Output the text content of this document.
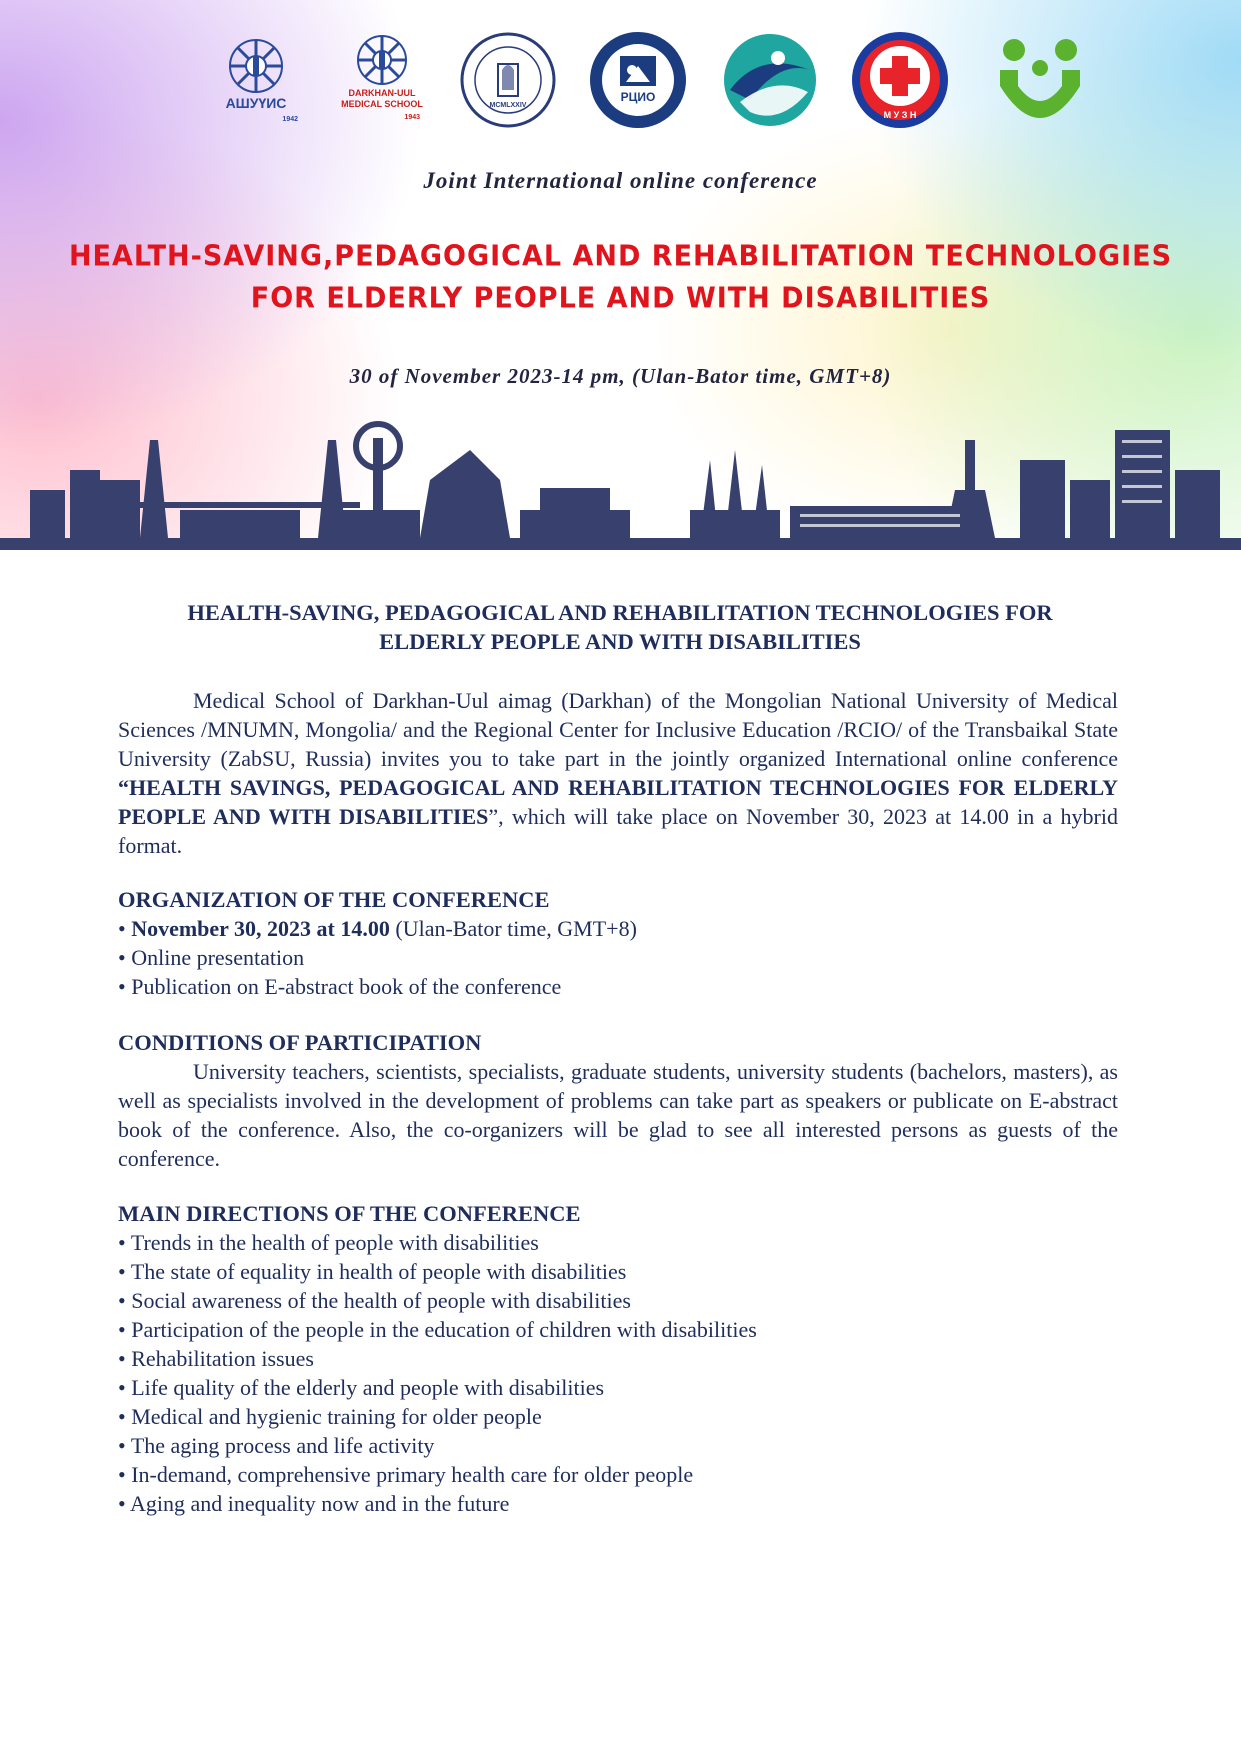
АШУҮИС
1942
DARKHAN-UUL MEDICAL SCHOOL
1943
MCMLXXIV
РЦИО
М У З Н
Joint International online conference
HEALTH-SAVING,PEDAGOGICAL AND REHABILITATION TECHNOLOGIES
FOR ELDERLY PEOPLE AND WITH DISABILITIES
30 of November 2023-14 pm, (Ulan-Bator time, GMT+8)
HEALTH-SAVING, PEDAGOGICAL AND REHABILITATION TECHNOLOGIES FOR
ELDERLY PEOPLE AND WITH DISABILITIES
Medical School of Darkhan-Uul aimag (Darkhan) of the Mongolian National University of Medical Sciences /MNUMN, Mongolia/ and the Regional Center for Inclusive Education /RCIO/ of the Transbaikal State University (ZabSU, Russia) invites you to take part in the jointly organized International online conference “HEALTH SAVINGS, PEDAGOGICAL AND REHABILITATION TECHNOLOGIES FOR ELDERLY PEOPLE AND WITH DISABILITIES”, which will take place on November 30, 2023 at 14.00 in a hybrid format.
ORGANIZATION OF THE CONFERENCE
• November 30, 2023 at 14.00 (Ulan-Bator time, GMT+8)
• Online presentation
• Publication on E-abstract book of the conference
CONDITIONS OF PARTICIPATION
University teachers, scientists, specialists, graduate students, university students (bachelors, masters), as well as specialists involved in the development of problems can take part as speakers or publicate on E-abstract book of the conference. Also, the co-organizers will be glad to see all interested persons as guests of the conference.
MAIN DIRECTIONS OF THE CONFERENCE
• Trends in the health of people with disabilities
• The state of equality in health of people with disabilities
• Social awareness of the health of people with disabilities
• Participation of the people in the education of children with disabilities
• Rehabilitation issues
• Life quality of the elderly and people with disabilities
• Medical and hygienic training for older people
• The aging process and life activity
• In-demand, comprehensive primary health care for older people
• Aging and inequality now and in the future
